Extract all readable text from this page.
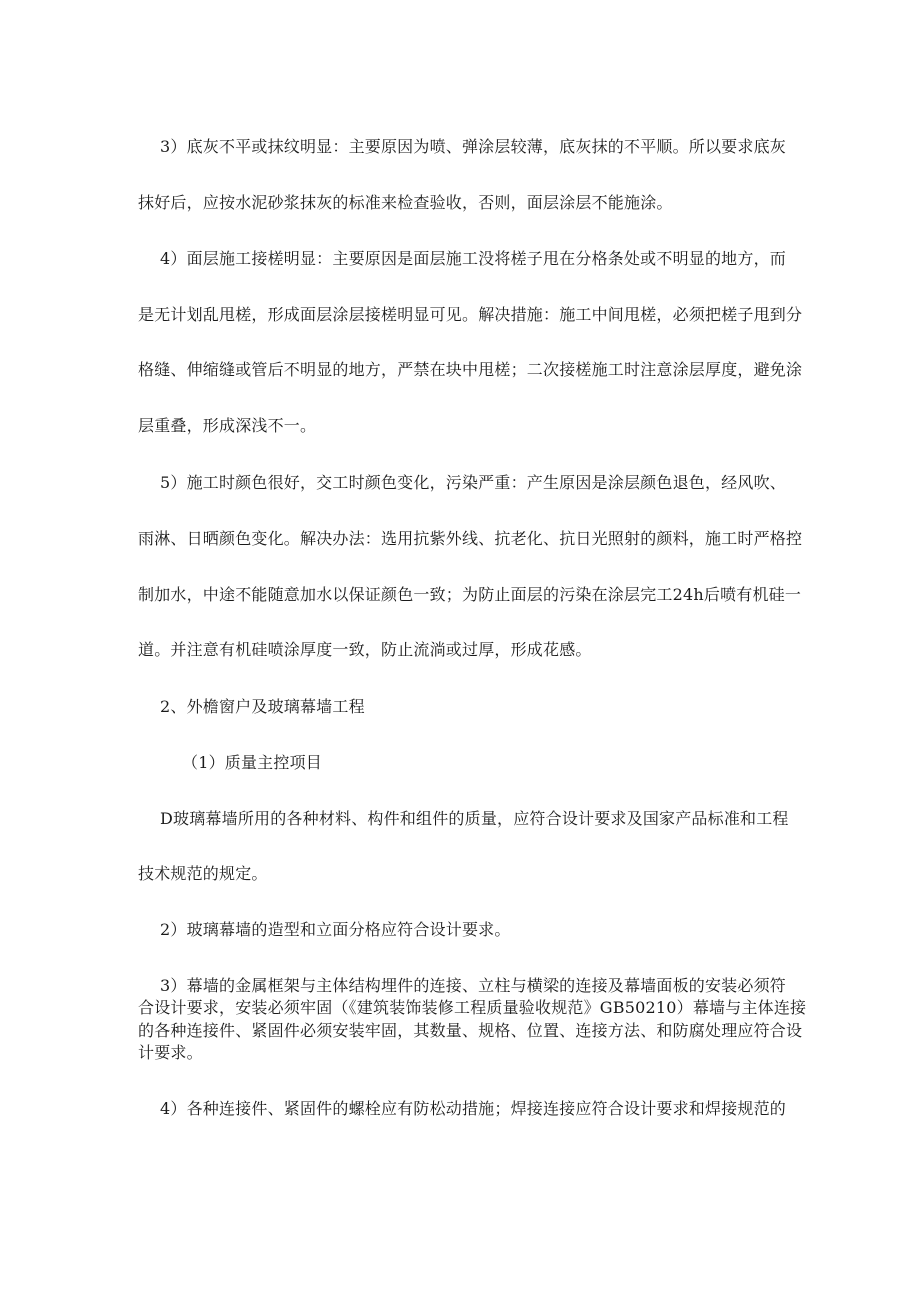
3）底灰不平或抹纹明显：主要原因为喷、弹涂层较薄，底灰抹的不平顺。所以要求底灰
抹好后，应按水泥砂浆抹灰的标准来检查验收，否则，面层涂层不能施涂。
4）面层施工接槎明显：主要原因是面层施工没将槎子甩在分格条处或不明显的地方，而
是无计划乱甩槎，形成面层涂层接槎明显可见。解决措施：施工中间甩槎，必须把槎子甩到分
格缝、伸缩缝或管后不明显的地方，严禁在块中甩槎；二次接槎施工时注意涂层厚度，避免涂
层重叠，形成深浅不一。
5）施工时颜色很好，交工时颜色变化，污染严重：产生原因是涂层颜色退色，经风吹、
雨淋、日晒颜色变化。解决办法：选用抗紫外线、抗老化、抗日光照射的颜料，施工时严格控
制加水，中途不能随意加水以保证颜色一致；为防止面层的污染在涂层完工24h后喷有机硅一
道。并注意有机硅喷涂厚度一致，防止流淌或过厚，形成花感。
2、外檐窗户及玻璃幕墙工程
（1）质量主控项目
D玻璃幕墙所用的各种材料、构件和组件的质量，应符合设计要求及国家产品标准和工程
技术规范的规定。
2）玻璃幕墙的造型和立面分格应符合设计要求。
3）幕墙的金属框架与主体结构埋件的连接、立柱与横梁的连接及幕墙面板的安装必须符
合设计要求，安装必须牢固（《建筑装饰装修工程质量验收规范》GB50210）幕墙与主体连接
的各种连接件、紧固件必须安装牢固，其数量、规格、位置、连接方法、和防腐处理应符合设
计要求。
4）各种连接件、紧固件的螺栓应有防松动措施；焊接连接应符合设计要求和焊接规范的
